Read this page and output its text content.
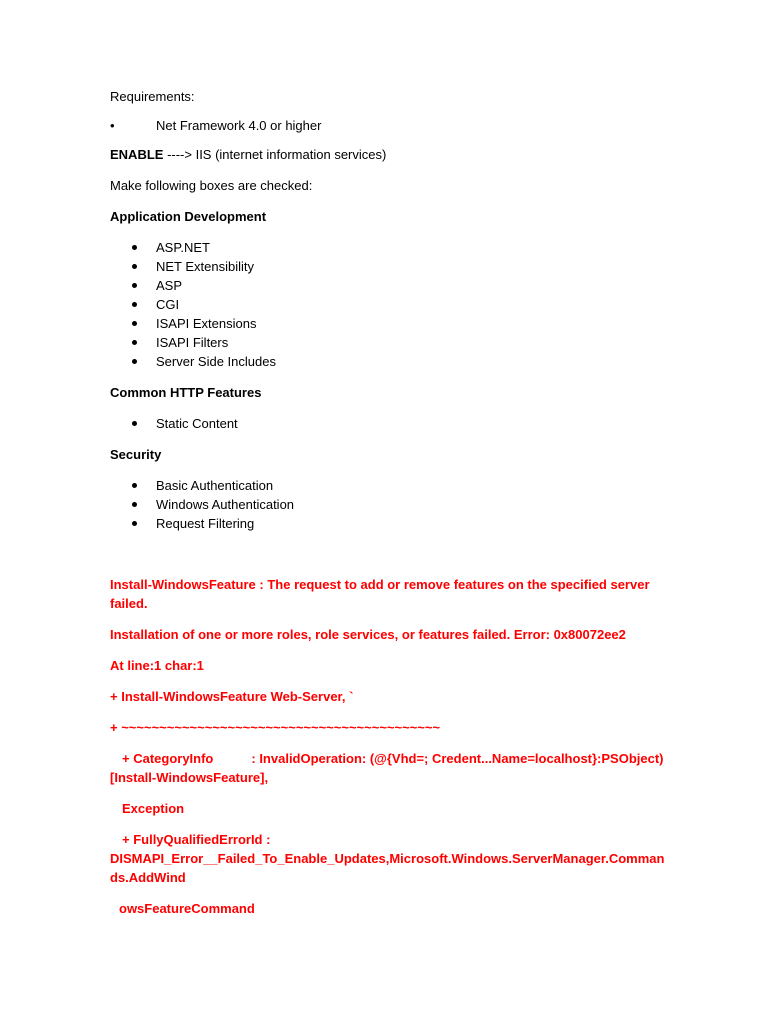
Requirements:

•	Net Framework 4.0 or higher

ENABLE ----> IIS (internet information services)

Make following boxes are checked:

Application Development

ASP.NET
NET Extensibility
ASP
CGI
ISAPI Extensions
ISAPI Filters
Server Side Includes

Common HTTP Features

Static Content

Security

Basic Authentication
Windows Authentication
Request Filtering

Install-WindowsFeature : The request to add or remove features on the specified server failed.

Installation of one or more roles, role services, or features failed. Error: 0x80072ee2

At line:1 char:1

+ Install-WindowsFeature Web-Server, `

+ ~~~~~~~~~~~~~~~~~~~~~~~~~~~~~~~~~~~~~~~~~~

+ CategoryInfo	: InvalidOperation: (@{Vhd=; Credent...Name=localhost}:PSObject) [Install-WindowsFeature],

Exception

+ FullyQualifiedErrorId :
DISMAPI_Error__Failed_To_Enable_Updates,Microsoft.Windows.ServerManager.Commands.AddWind

owsFeatureCommand
